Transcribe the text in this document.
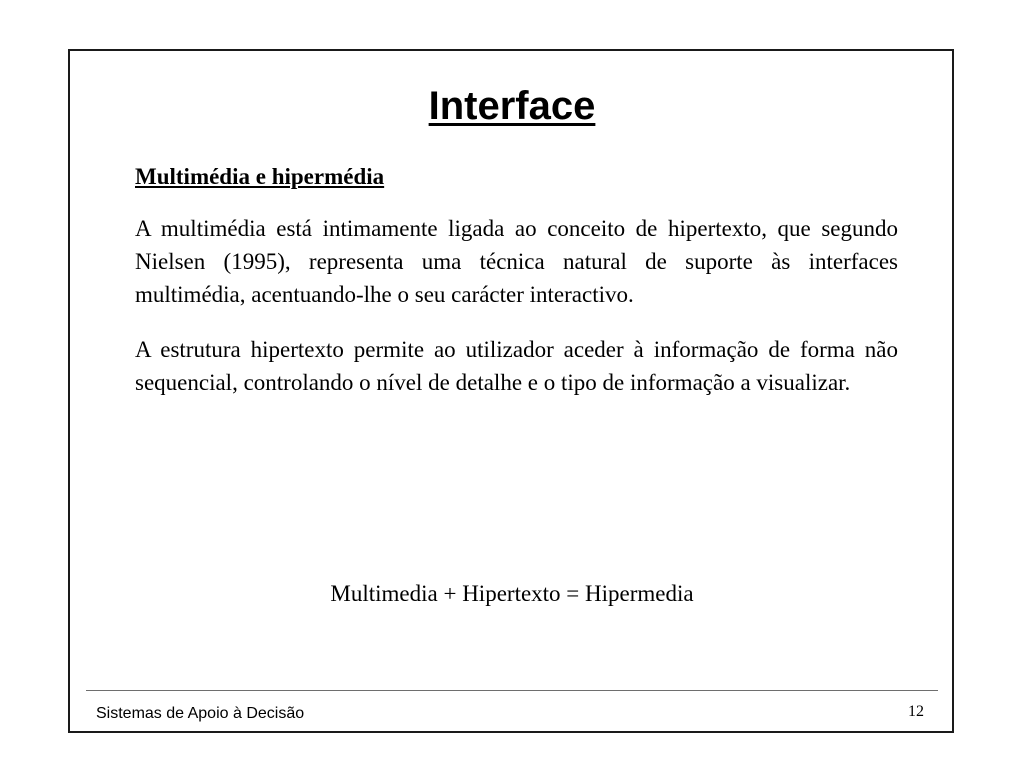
Interface

Multimédia e hipermédia

A multimédia está intimamente ligada ao conceito de hipertexto, que segundo Nielsen (1995), representa uma técnica natural de suporte às interfaces multimédia, acentuando-lhe o seu carácter interactivo.

A estrutura hipertexto permite ao utilizador aceder à informação de forma não sequencial, controlando o nível de detalhe e o tipo de informação a visualizar.

Multimedia + Hipertexto = Hipermedia
Sistemas de Apoio à Decisão	12
